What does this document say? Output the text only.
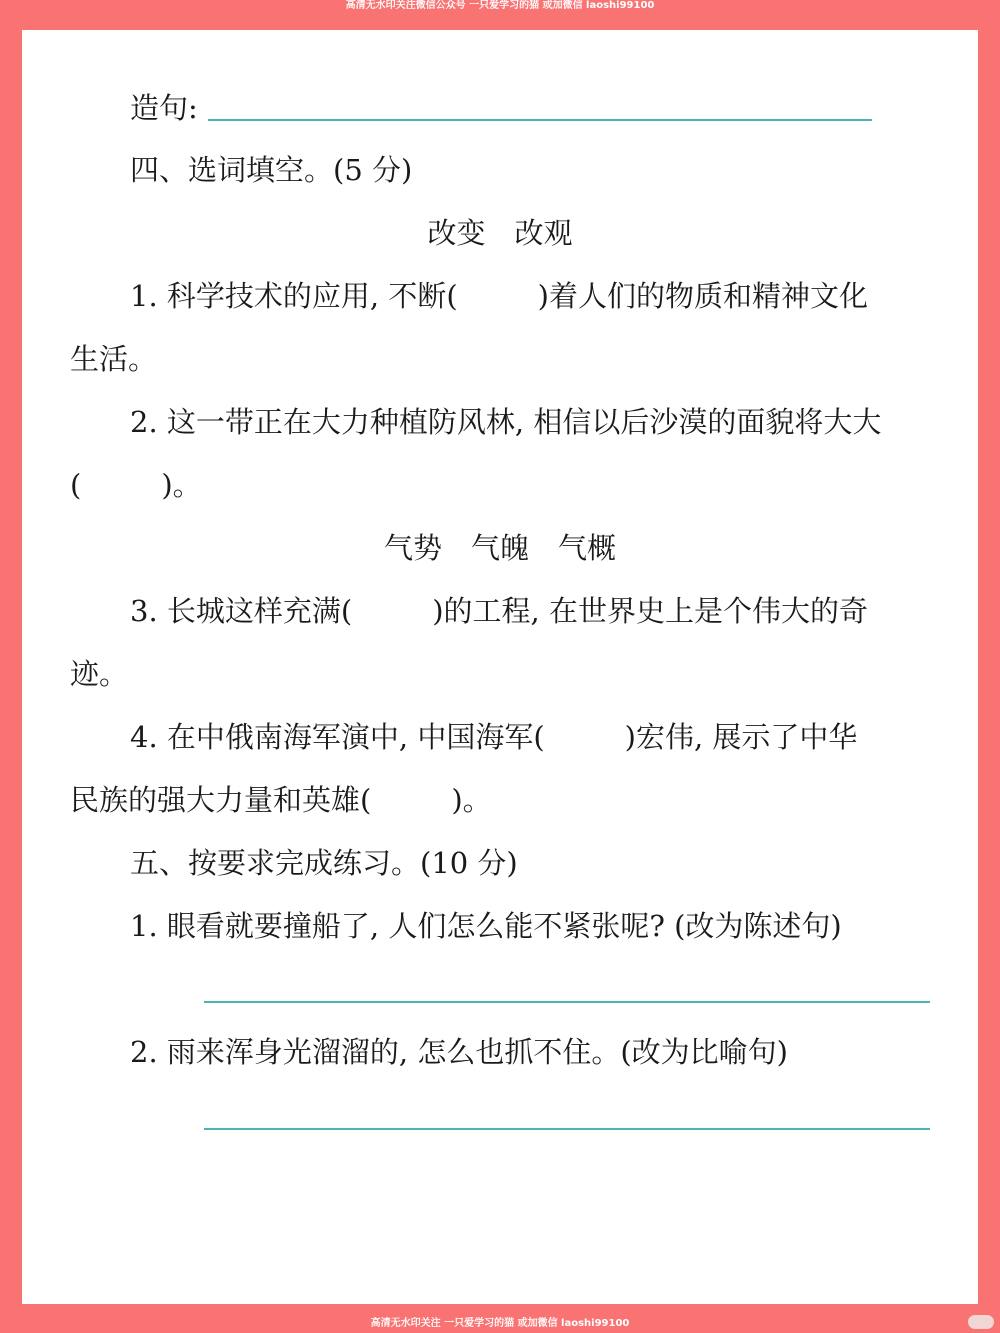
高清无水印关注微信公众号 一只爱学习的猫 或加微信 laoshi99100
造句:
四、选词填空。(5 分)
改变　改观
1. 科学技术的应用, 不断(	)着人们的物质和精神文化
生活。
2. 这一带正在大力种植防风林, 相信以后沙漠的面貌将大大
(	)。
气势　气魄　气概
3. 长城这样充满(	)的工程, 在世界史上是个伟大的奇
迹。
4. 在中俄南海军演中, 中国海军(	)宏伟, 展示了中华
民族的强大力量和英雄(	)。
五、按要求完成练习。(10 分)
1. 眼看就要撞船了, 人们怎么能不紧张呢? (改为陈述句)
2. 雨来浑身光溜溜的, 怎么也抓不住。(改为比喻句)
高清无水印关注 一只爱学习的猫 或加微信 laoshi99100
